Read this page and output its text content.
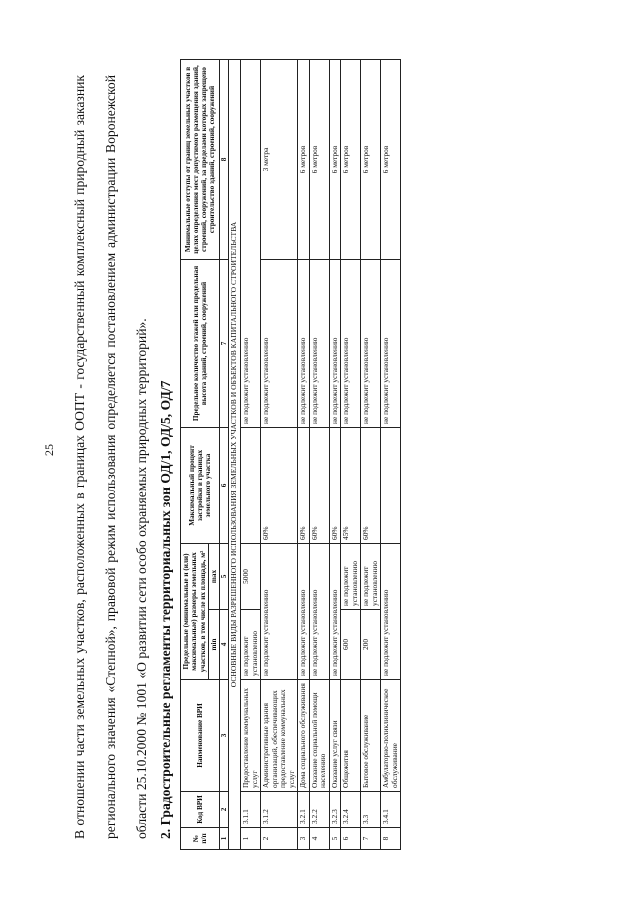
25	В отношении части земельных участков, расположенных в границах ООПТ - государственный комплексный природный заказник регионального значения «Степной», правовой режим использования определяется постановлением администрации Воронежской области 25.10.2000 № 1001 «О развитии сети особо охраняемых природных территорий». 2. Градостроительные регламенты территориальных зон ОД/1, ОД/5, ОД/7	№ п/п	Код ВРИ	Наименование ВРИ	Предельные (минимальные и (или) максимальные) размеры земельных участков, в том числе их площадь, м²		Максимальный процент застройки в границах земельного участка	Предельное количество этажей или предельная высота зданий, строений, сооружений	Минимальные отступы от границ земельных участков в целях определения мест допустимого размещения зданий, строений, сооружений, за пределами которых запрещено строительство зданий, строений, сооружений
			min	max			
1	2	3	4	5	6	7	8
ОСНОВНЫЕ ВИДЫ РАЗРЕШЕННОГО ИСПОЛЬЗОВАНИЯ ЗЕМЕЛЬНЫХ УЧАСТКОВ И ОБЪЕКТОВ КАПИТАЛЬНОГО СТРОИТЕЛЬСТВА							
1	3.1.1	Предоставление коммунальных услуг	не подлежит установлению	5000		не подлежит установлению	
2	3.1.2	Административные здания организаций, обеспечивающих предоставление коммунальных услуг	не подлежит установлению		60%	не подлежит установлению	3 метра
3	3.2.1	Дома социального обслуживания	не подлежит установлению		60%	не подлежит установлению	6 метров
4	3.2.2	Оказание социальной помощи населению	не подлежит установлению		60%	не подлежит установлению	6 метров
5	3.2.3	Оказание услуг связи	не подлежит установлению		60%	не подлежит установлению	6 метров
6	3.2.4	Общежития	600	не подлежит установлению	45%	не подлежит установлению	6 метров
7	3.3	Бытовое обслуживание	200	не подлежит установлению	60%	не подлежит установлению	6 метров
8	3.4.1	Амбулаторно-поликлиническое обслуживание	не подлежит установлению			не подлежит установлению	6 метров
